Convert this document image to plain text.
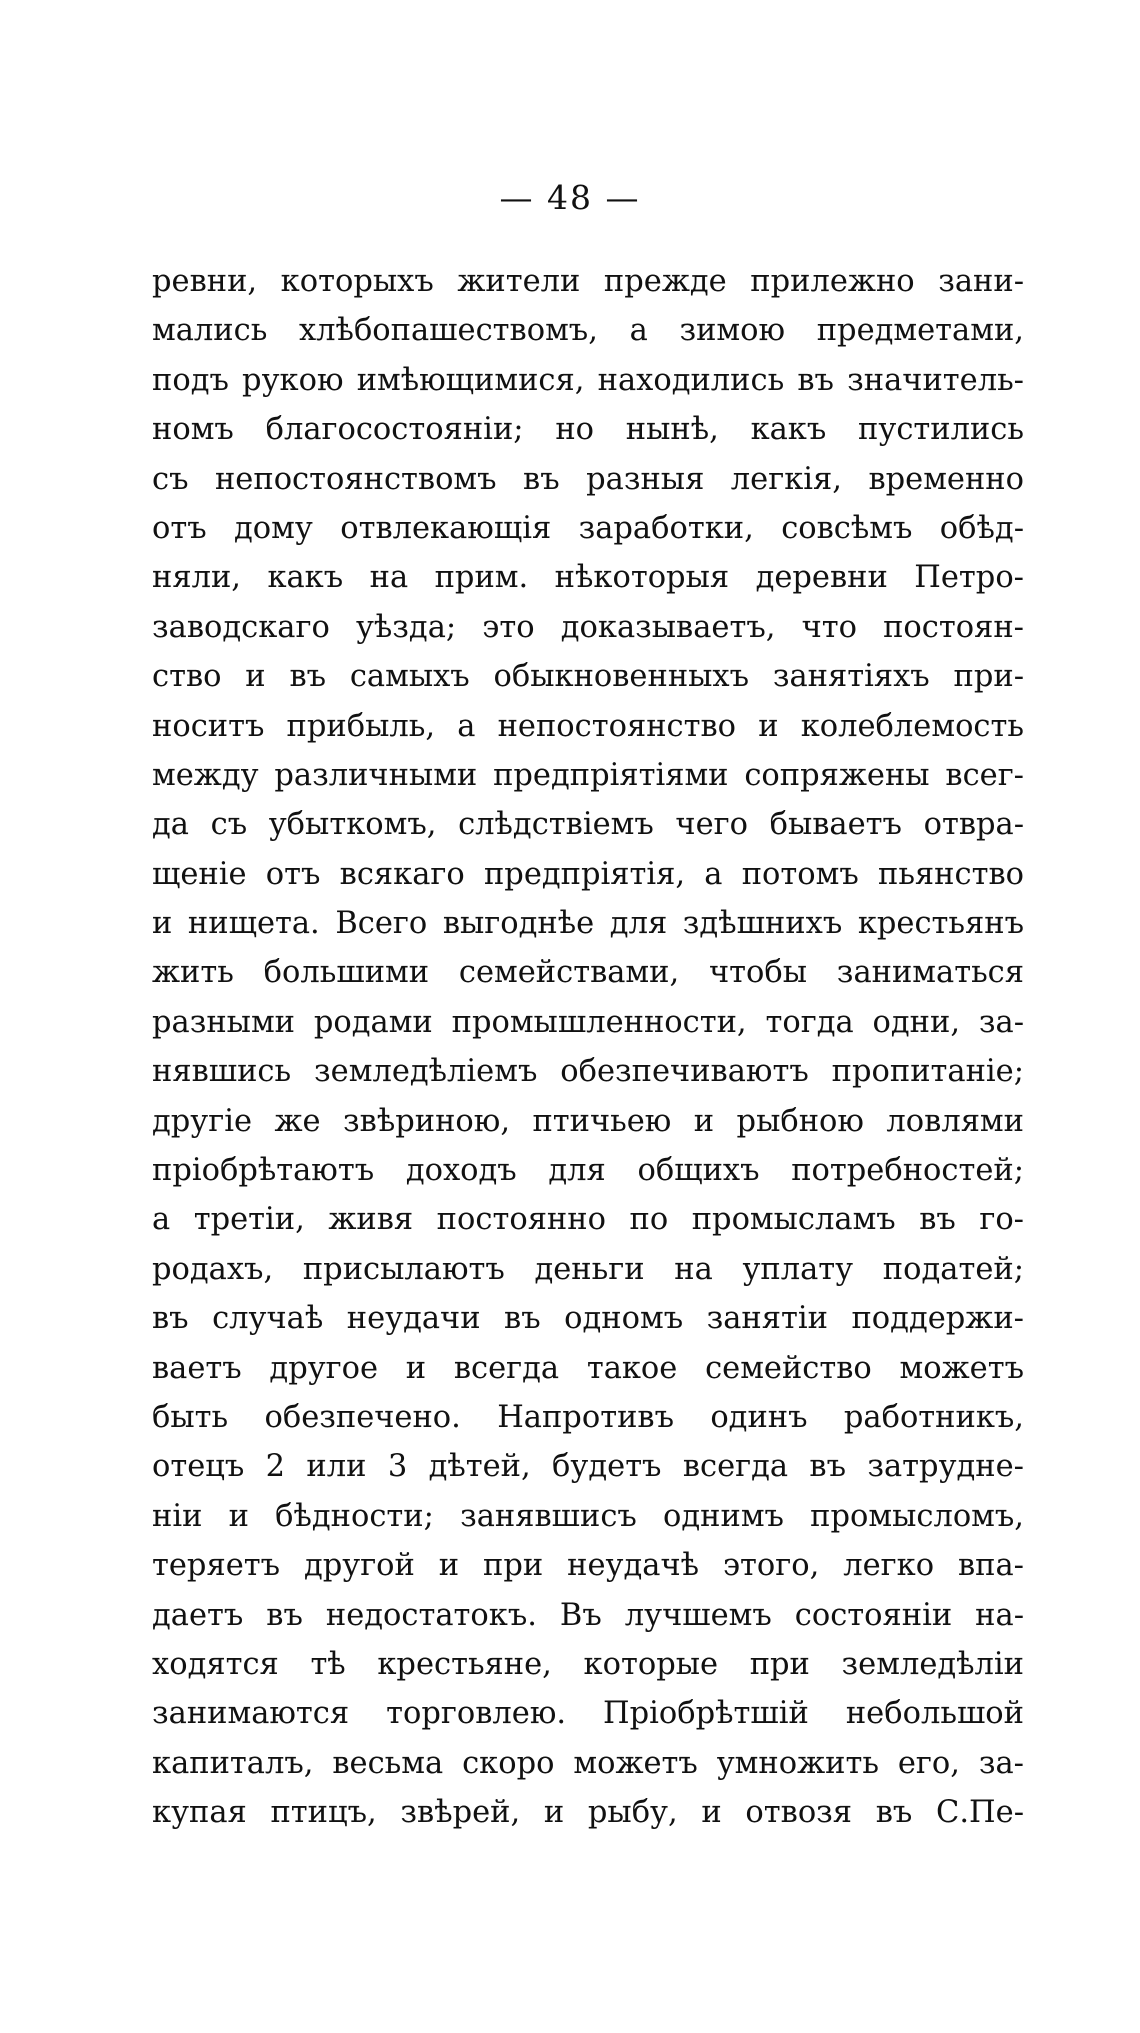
— 48 —
ревни, которыхъ жители прежде прилежно зани-
мались хлѣбопашествомъ, а зимою предметами,
подъ рукою имѣющимися, находились въ значитель-
номъ благосостояніи; но нынѣ, какъ пустились
съ непостоянствомъ въ разныя легкія, временно
отъ дому отвлекающія заработки, совсѣмъ обѣд-
няли, какъ на прим. нѣкоторыя деревни Петро-
заводскаго уѣзда; это доказываетъ, что постоян-
ство и въ самыхъ обыкновенныхъ занятіяхъ при-
носитъ прибыль, а непостоянство и колеблемость
между различными предпріятіями сопряжены всег-
да съ убыткомъ, слѣдствіемъ чего бываетъ отвра-
щеніе отъ всякаго предпріятія, а потомъ пьянство
и нищета. Всего выгоднѣе для здѣшнихъ крестьянъ
жить большими семействами, чтобы заниматься
разными родами промышленности, тогда одни, за-
нявшись земледѣліемъ обезпечиваютъ пропитаніе;
другіе же звѣриною, птичьею и рыбною ловлями
пріобрѣтаютъ доходъ для общихъ потребностей;
а третіи, живя постоянно по промысламъ въ го-
родахъ, присылаютъ деньги на уплату податей;
въ случаѣ неудачи въ одномъ занятіи поддержи-
ваетъ другое и всегда такое семейство можетъ
быть обезпечено. Напротивъ одинъ работникъ,
отецъ 2 или 3 дѣтей, будетъ всегда въ затрудне-
ніи и бѣдности; занявшисъ однимъ промысломъ,
теряетъ другой и при неудачѣ этого, легко впа-
даетъ въ недостатокъ. Въ лучшемъ состояніи на-
ходятся тѣ крестьяне, которые при земледѣліи
занимаются торговлею. Пріобрѣтшій небольшой
капиталъ, весьма скоро можетъ умножить его, за-
купая птицъ, звѣрей, и рыбу, и отвозя въ С.Пе-
